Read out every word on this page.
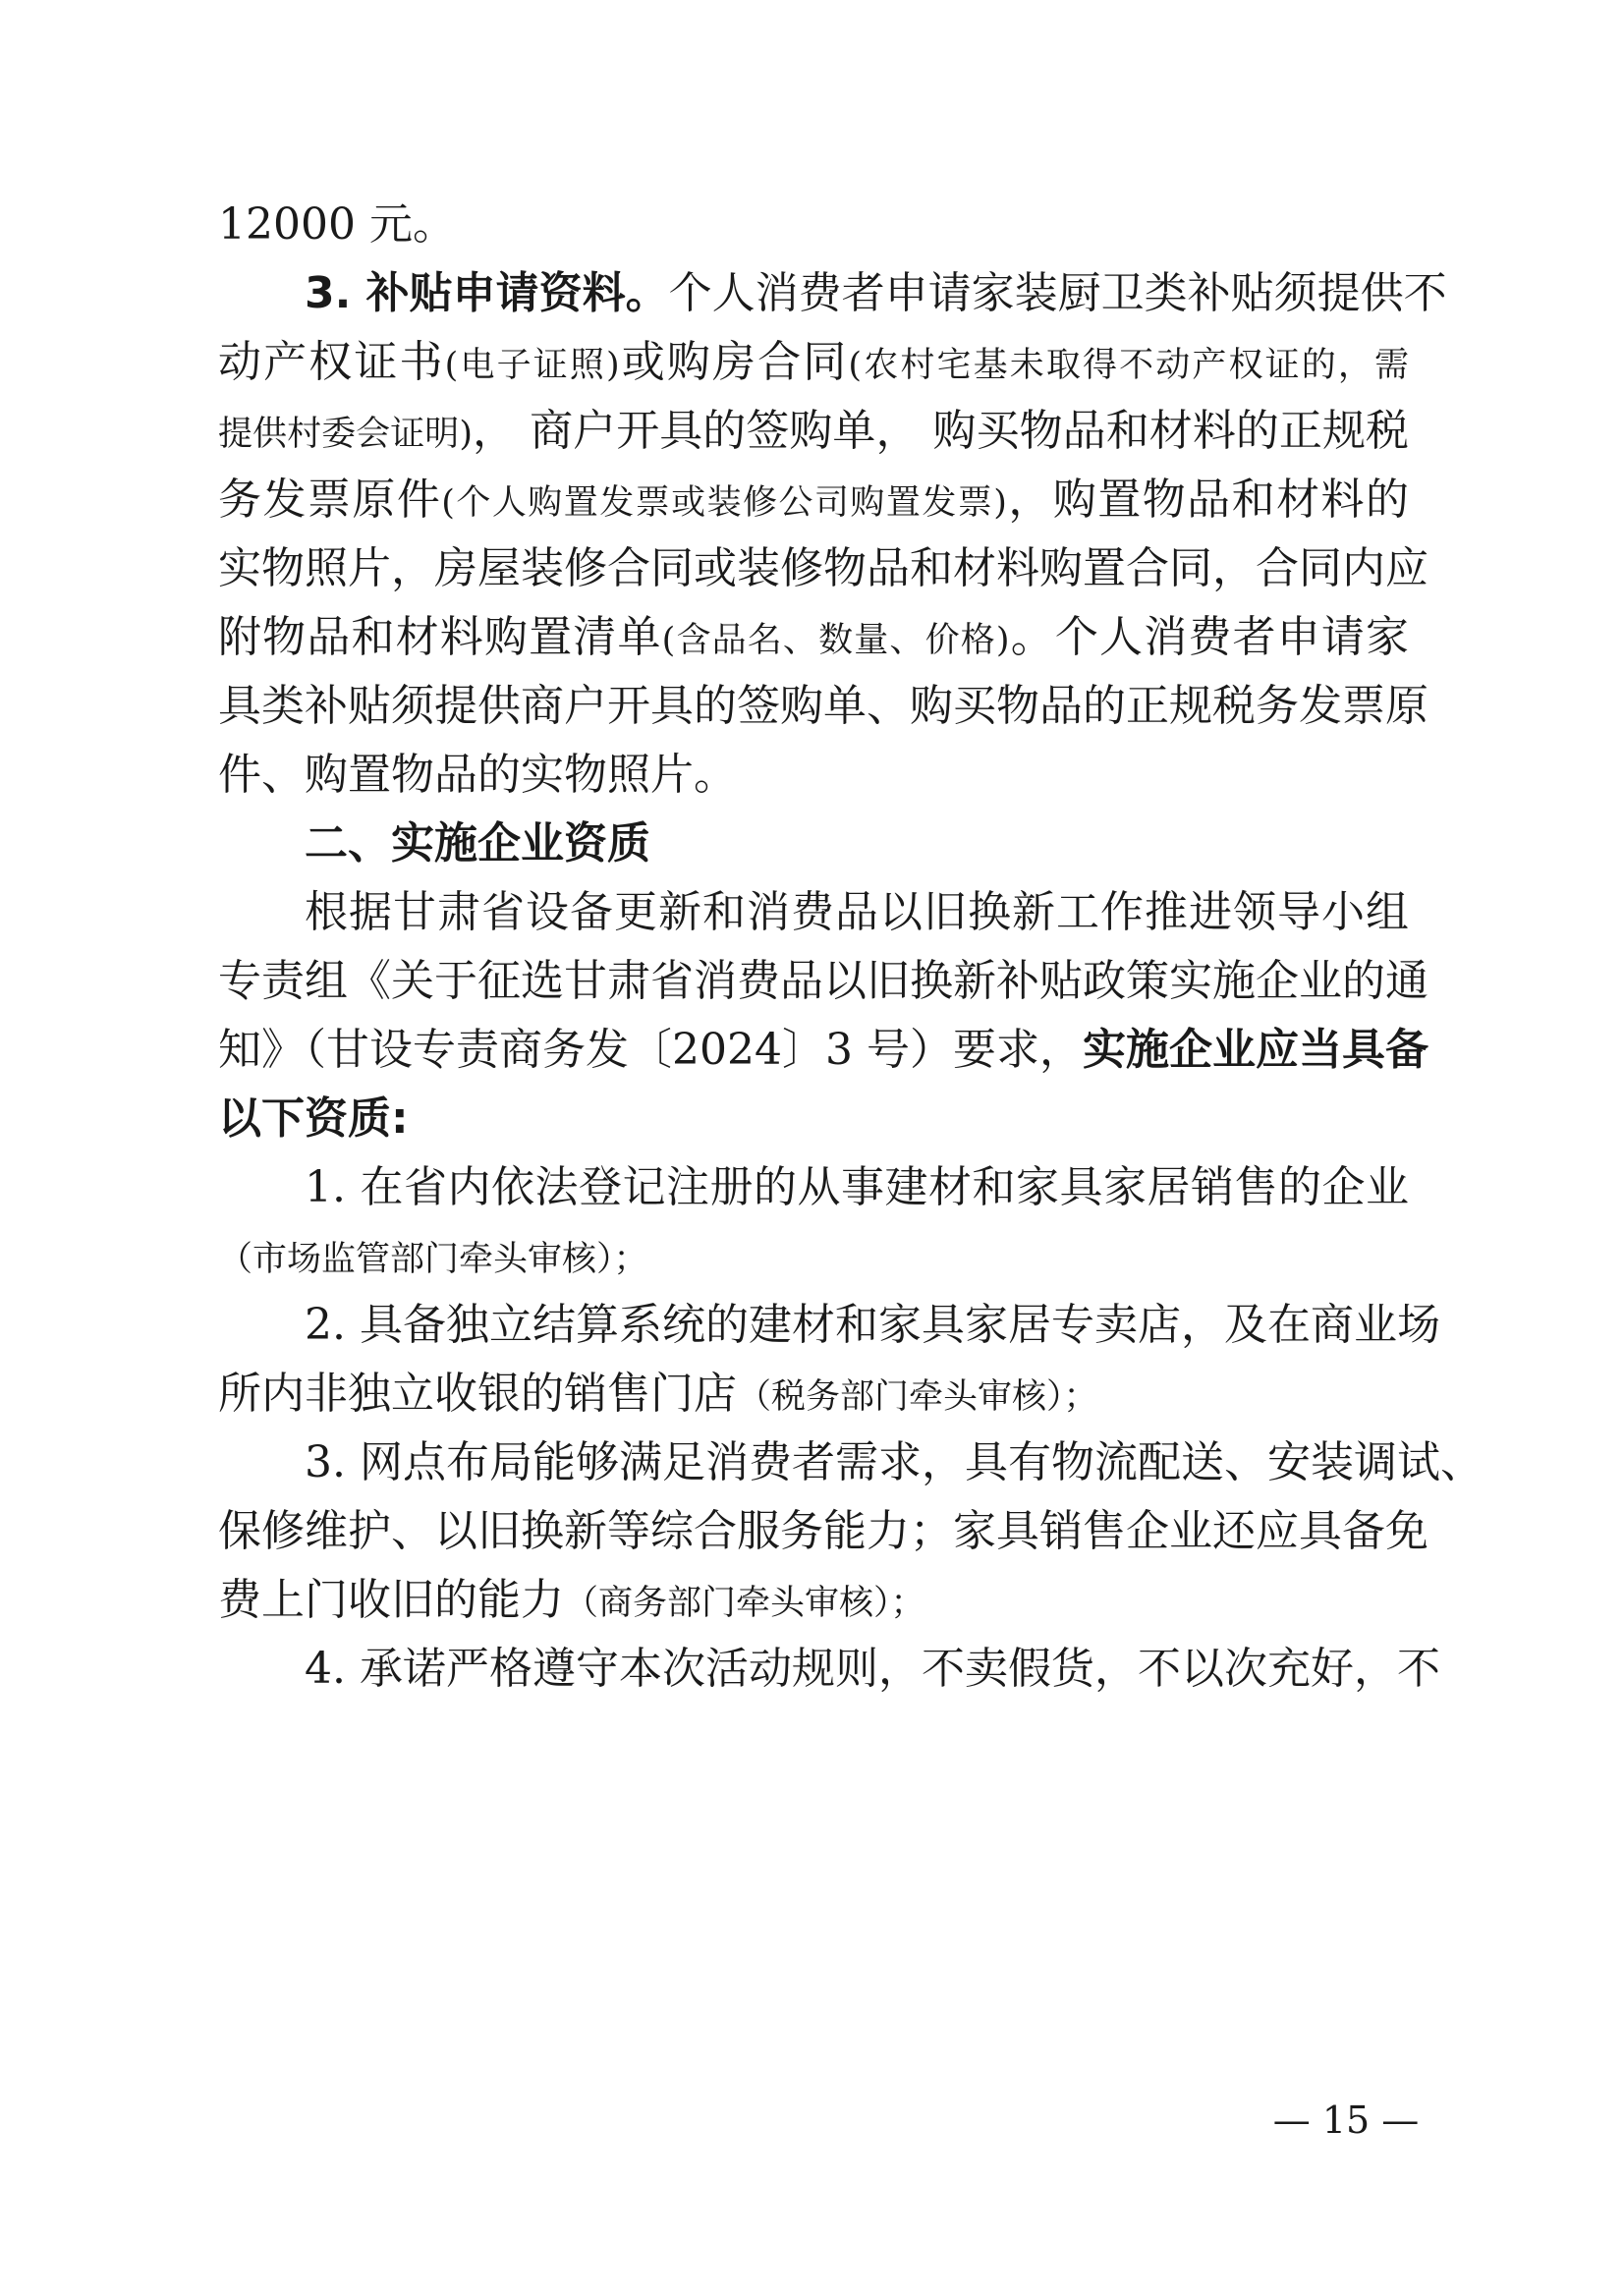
12000 元。
3. 补贴申请资料。个人消费者申请家装厨卫类补贴须提供不
动产权证书(电子证照)或购房合同(农村宅基未取得不动产权证的，需
提供村委会证明)， 商户开具的签购单， 购买物品和材料的正规税
务发票原件(个人购置发票或装修公司购置发票)，购置物品和材料的
实物照片，房屋装修合同或装修物品和材料购置合同，合同内应
附物品和材料购置清单(含品名、数量、价格)。个人消费者申请家
具类补贴须提供商户开具的签购单、购买物品的正规税务发票原
件、购置物品的实物照片。
二、实施企业资质
根据甘肃省设备更新和消费品以旧换新工作推进领导小组
专责组《关于征选甘肃省消费品以旧换新补贴政策实施企业的通
知》（甘设专责商务发〔2024〕3 号）要求，实施企业应当具备
以下资质:
1. 在省内依法登记注册的从事建材和家具家居销售的企业
（市场监管部门牵头审核）；
2. 具备独立结算系统的建材和家具家居专卖店，及在商业场
所内非独立收银的销售门店（税务部门牵头审核）；
3. 网点布局能够满足消费者需求，具有物流配送、安装调试、
保修维护、以旧换新等综合服务能力；家具销售企业还应具备免
费上门收旧的能力（商务部门牵头审核）；
4. 承诺严格遵守本次活动规则，不卖假货，不以次充好，不
— 15 —
